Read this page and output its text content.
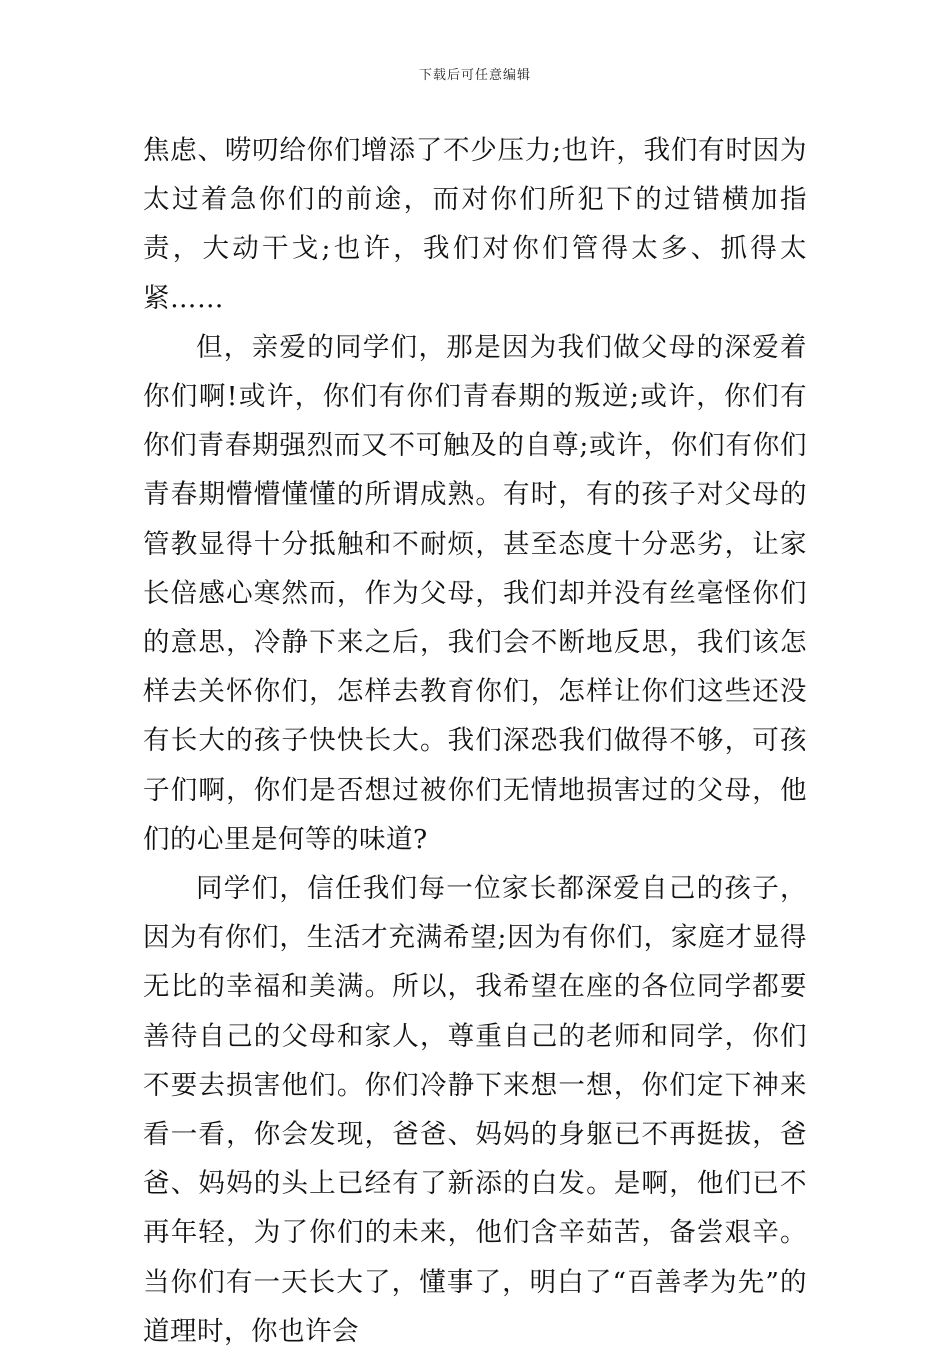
下载后可任意编辑

焦虑、唠叨给你们增添了不少压力;也许，我们有时因为太过着急你们的前途，而对你们所犯下的过错横加指责，大动干戈;也许，我们对你们管得太多、抓得太紧……

但，亲爱的同学们，那是因为我们做父母的深爱着你们啊!或许，你们有你们青春期的叛逆;或许，你们有你们青春期强烈而又不可触及的自尊;或许，你们有你们青春期懵懵懂懂的所谓成熟。有时，有的孩子对父母的管教显得十分抵触和不耐烦，甚至态度十分恶劣，让家长倍感心寒然而，作为父母，我们却并没有丝毫怪你们的意思，冷静下来之后，我们会不断地反思，我们该怎样去关怀你们，怎样去教育你们，怎样让你们这些还没有长大的孩子快快长大。我们深恐我们做得不够，可孩子们啊，你们是否想过被你们无情地损害过的父母，他们的心里是何等的味道?

同学们，信任我们每一位家长都深爱自己的孩子，因为有你们，生活才充满希望;因为有你们，家庭才显得无比的幸福和美满。所以，我希望在座的各位同学都要善待自己的父母和家人，尊重自己的老师和同学，你们不要去损害他们。你们冷静下来想一想，你们定下神来看一看，你会发现，爸爸、妈妈的身躯已不再挺拔，爸爸、妈妈的头上已经有了新添的白发。是啊，他们已不再年轻，为了你们的未来，他们含辛茹苦，备尝艰辛。当你们有一天长大了，懂事了，明白了“百善孝为先”的道理时，你也许会
